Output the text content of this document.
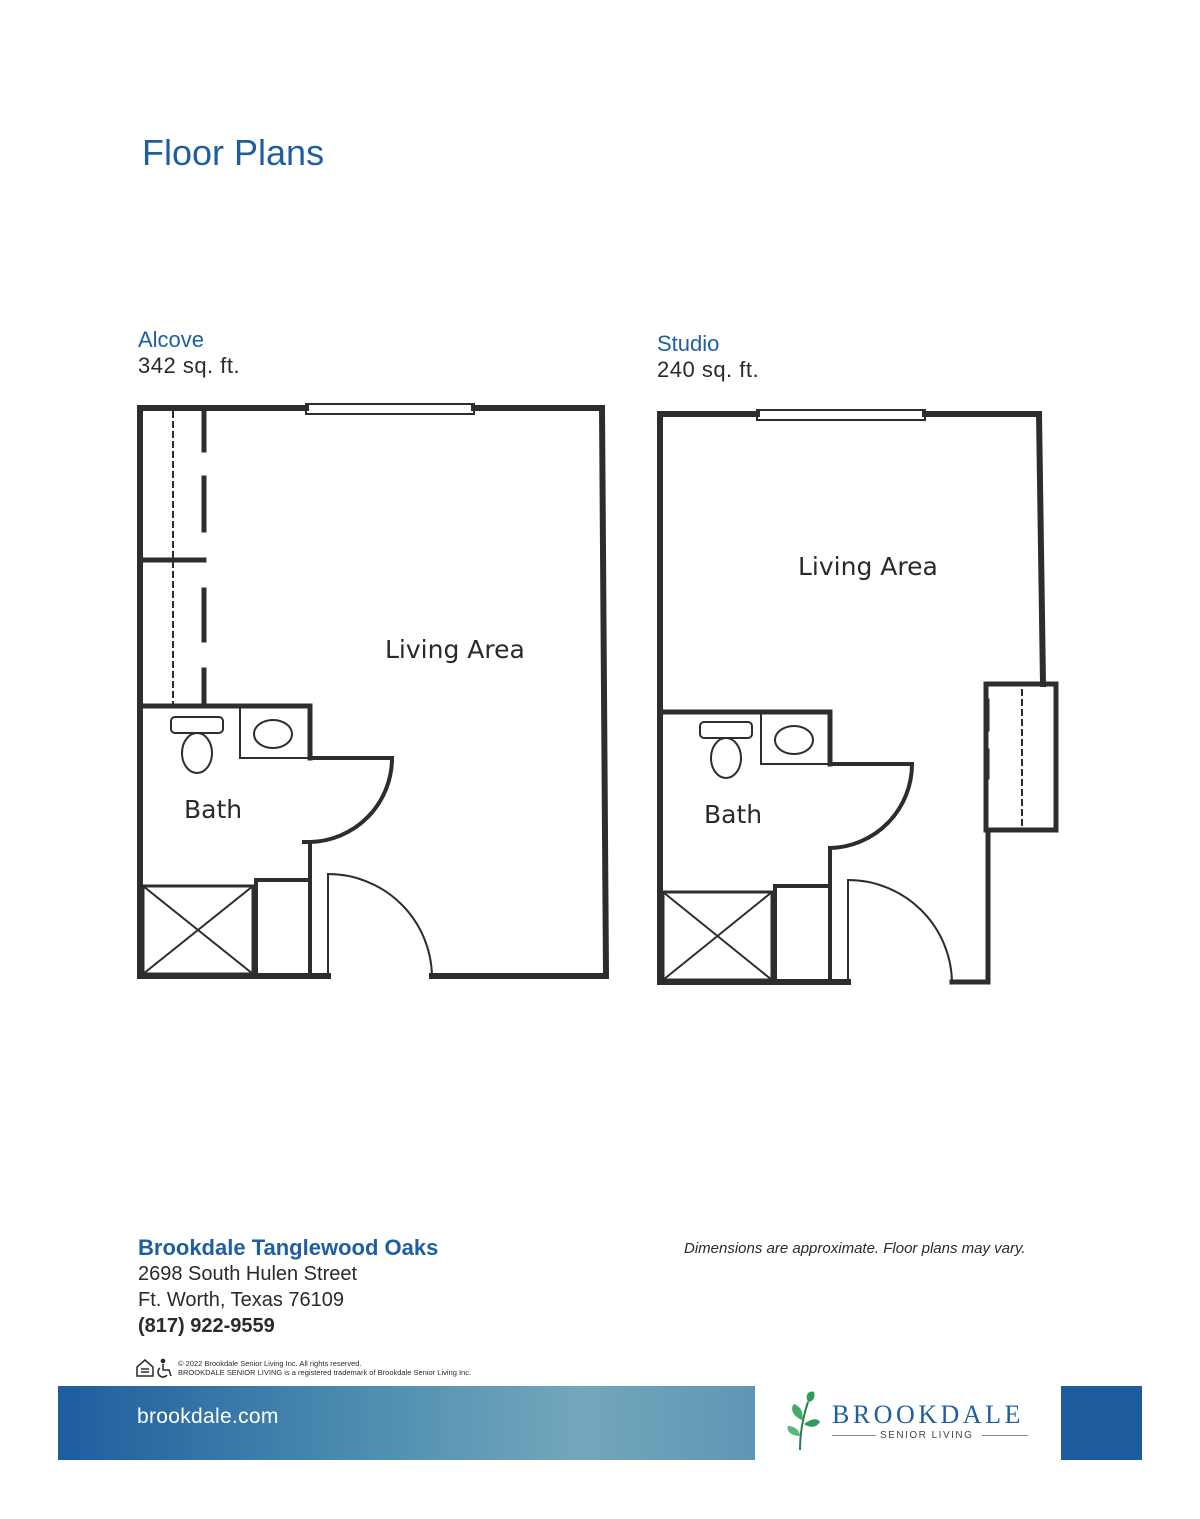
Floor Plans
Alcove
342 sq. ft.
Studio
240 sq. ft.
Living Area
Bath
Living Area
Bath
Brookdale Tanglewood Oaks
2698 South Hulen Street
Ft. Worth, Texas 76109
(817) 922-9559
Dimensions are approximate. Floor plans may vary.
© 2022 Brookdale Senior Living Inc. All rights reserved.
BROOKDALE SENIOR LIVING is a registered trademark of Brookdale Senior Living Inc.
brookdale.com	BROOKDALE
SENIOR LIVING
